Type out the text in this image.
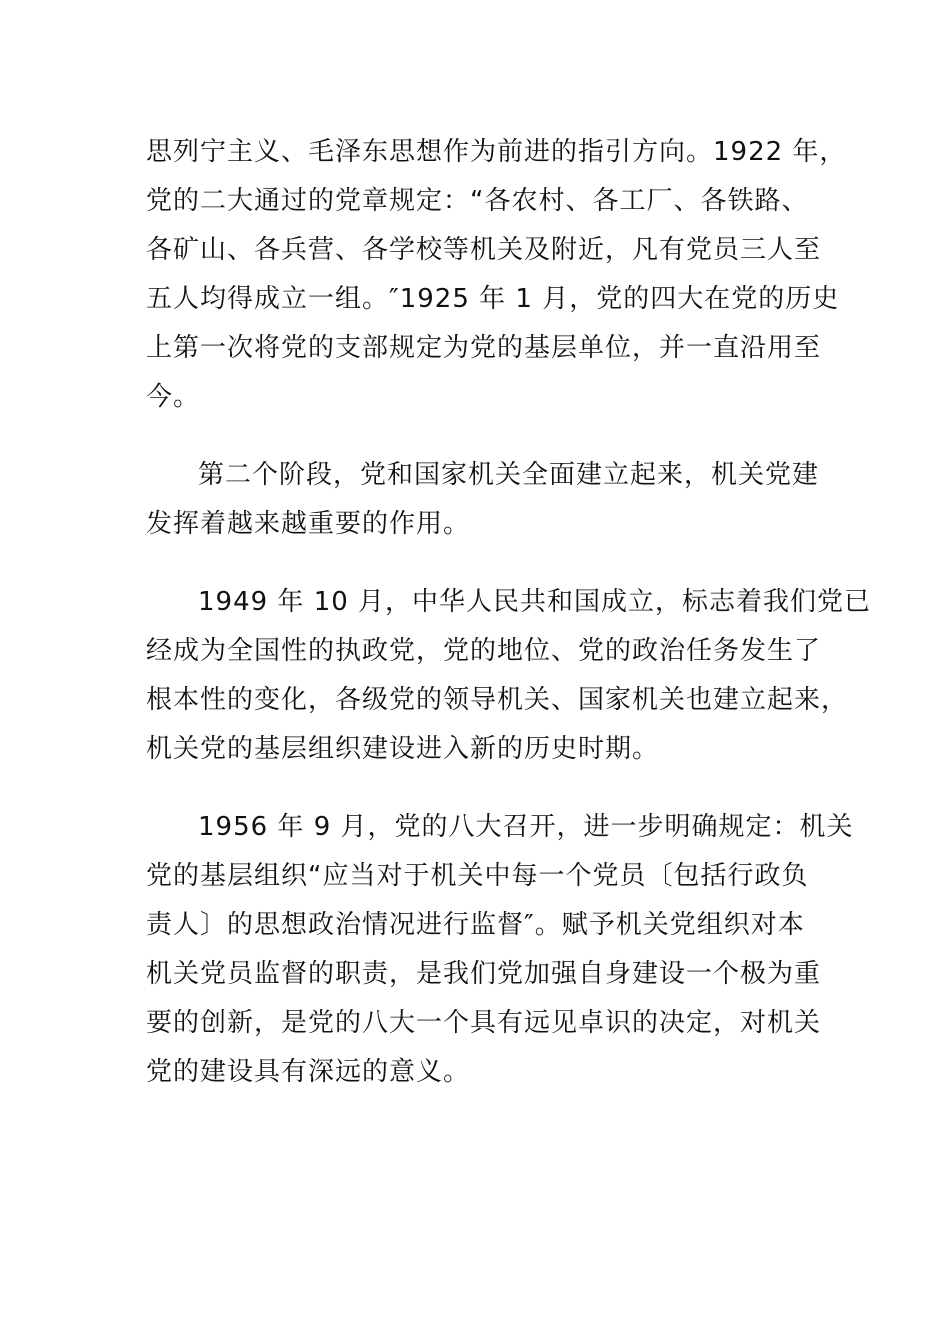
思列宁主义、毛泽东思想作为前进的指引方向。1922 年，
党的二大通过的党章规定：“各农村、各工厂、各铁路、
各矿山、各兵营、各学校等机关及附近，凡有党员三人至
五人均得成立一组。″1925 年 1 月，党的四大在党的历史
上第一次将党的支部规定为党的基层单位，并一直沿用至
今。

第二个阶段，党和国家机关全面建立起来，机关党建
发挥着越来越重要的作用。

1949 年 10 月，中华人民共和国成立，标志着我们党已
经成为全国性的执政党，党的地位、党的政治任务发生了
根本性的变化，各级党的领导机关、国家机关也建立起来，
机关党的基层组织建设进入新的历史时期。

1956 年 9 月，党的八大召开，进一步明确规定：机关
党的基层组织“应当对于机关中每一个党员〔包括行政负
责人〕的思想政治情况进行监督″。赋予机关党组织对本
机关党员监督的职责，是我们党加强自身建设一个极为重
要的创新，是党的八大一个具有远见卓识的决定，对机关
党的建设具有深远的意义。
